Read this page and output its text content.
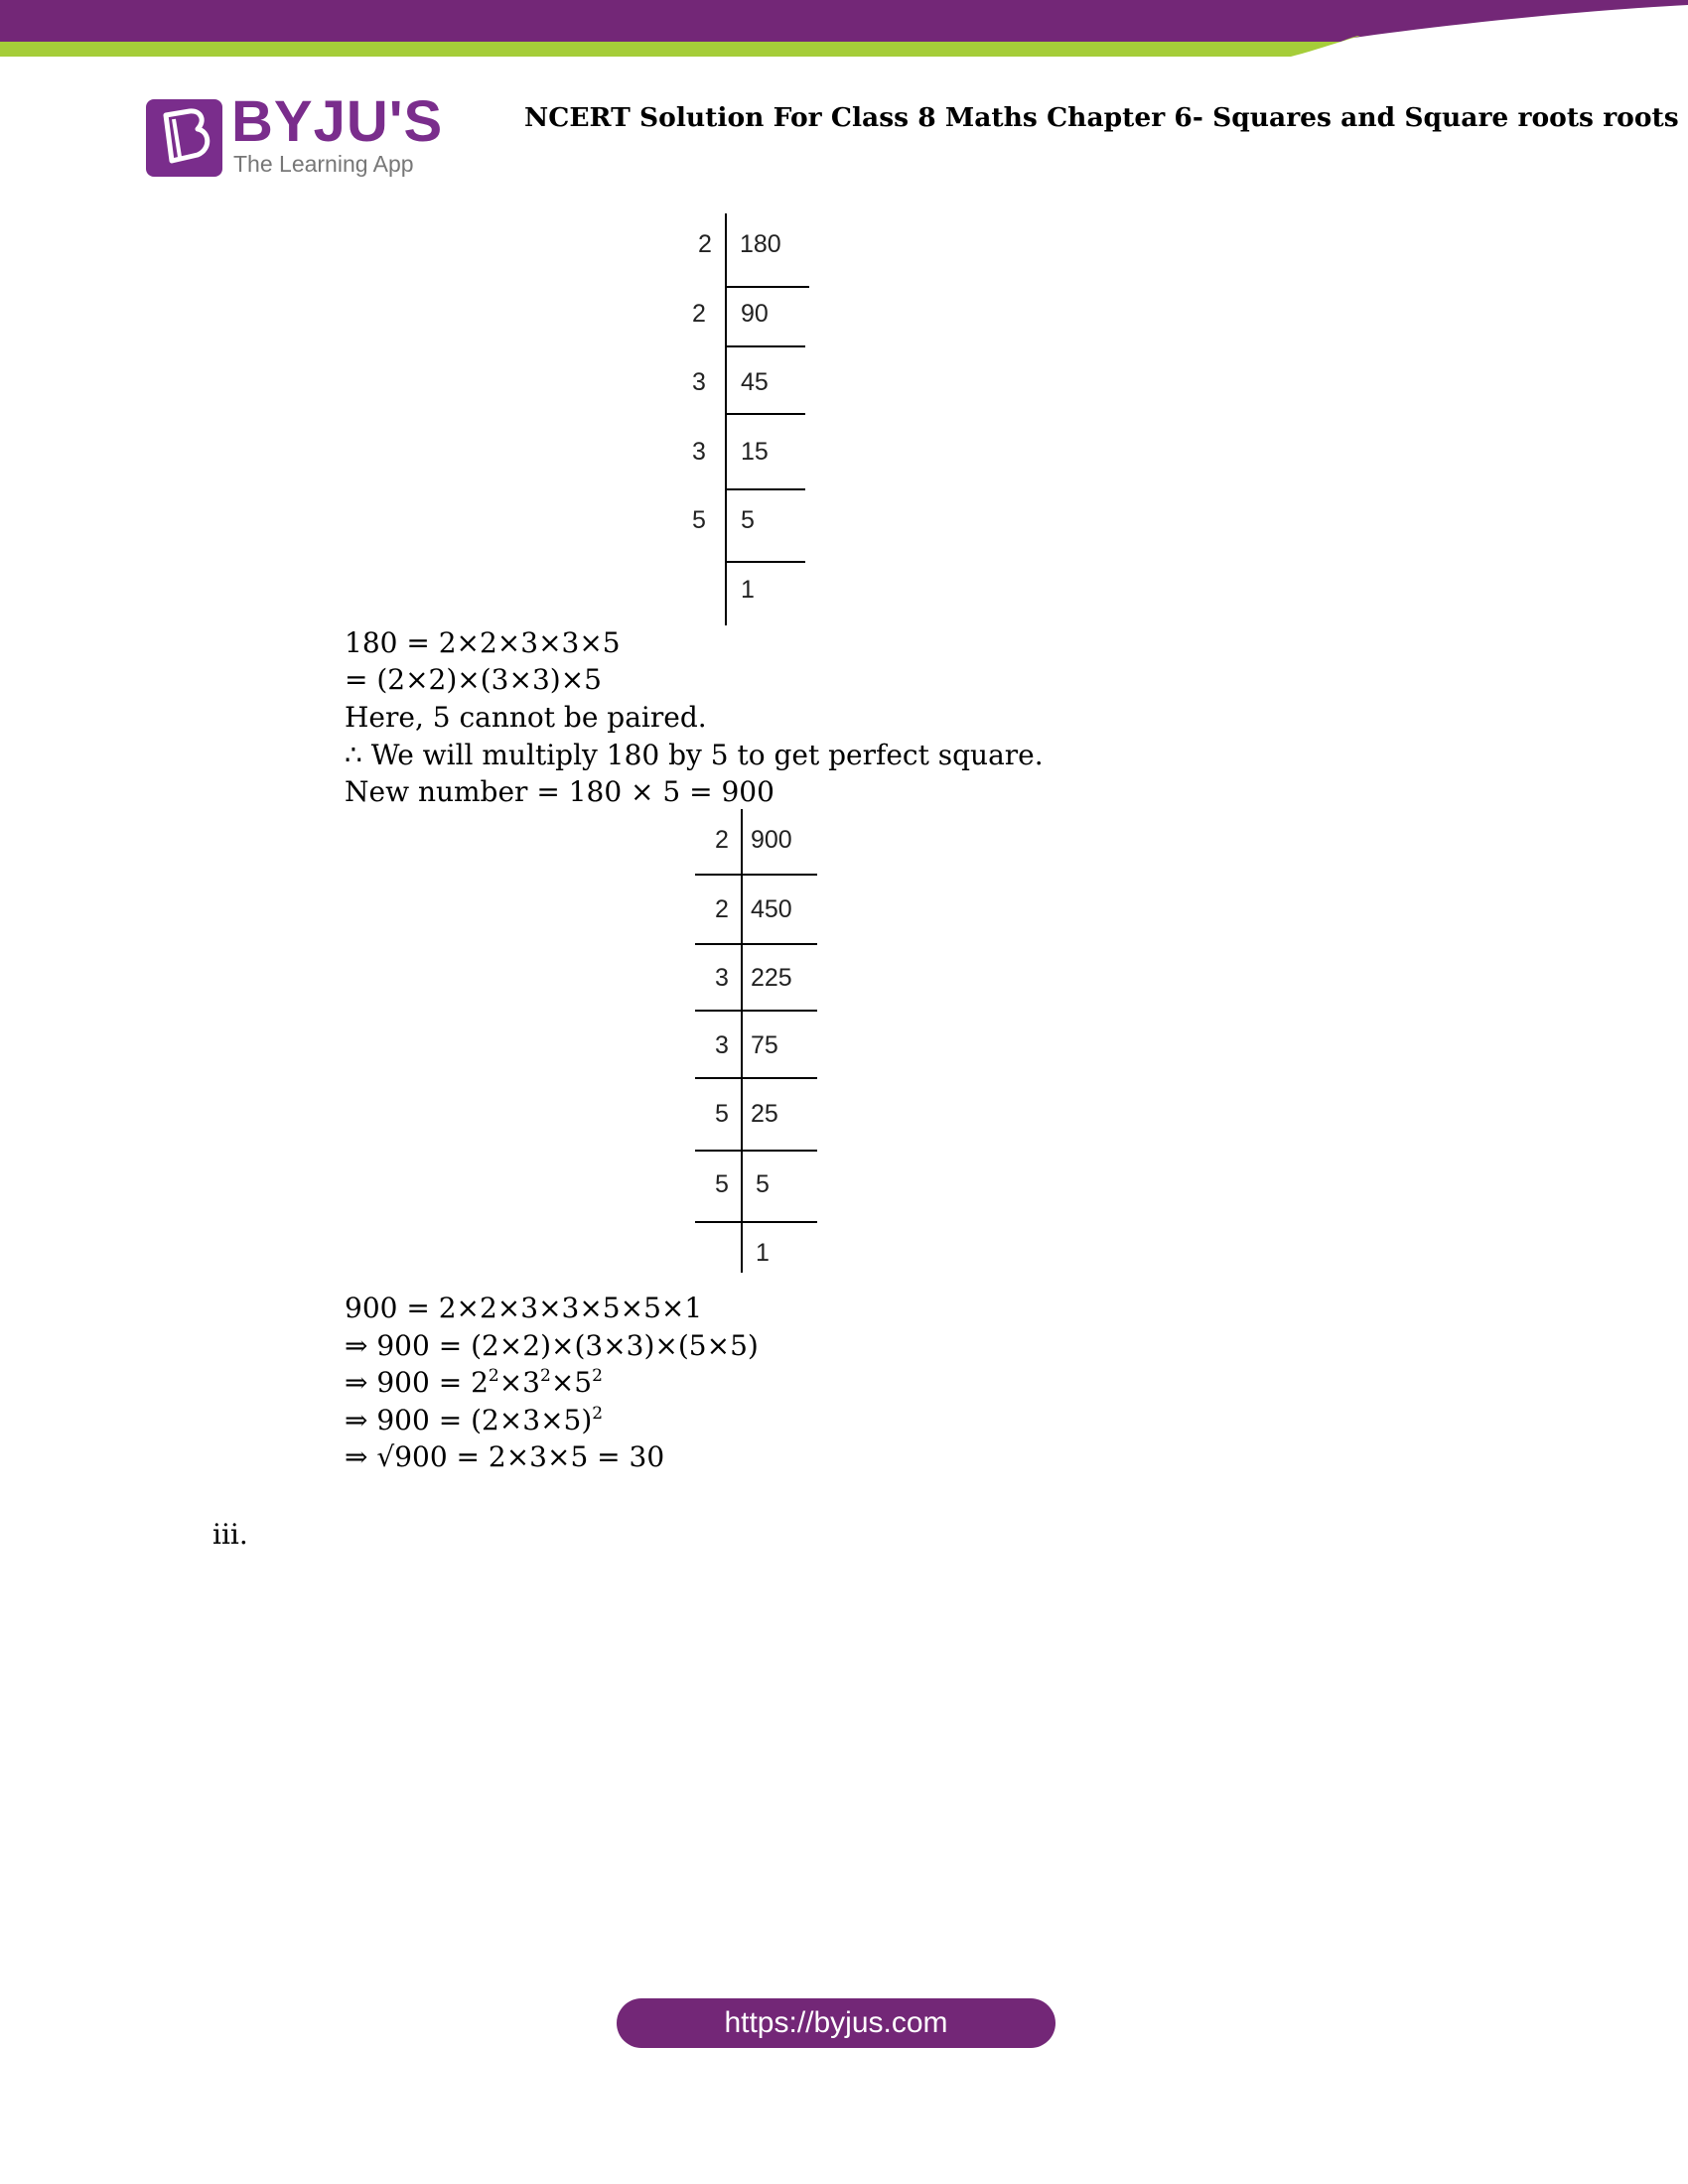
BYJU'S
The Learning App
NCERT Solution For Class 8 Maths Chapter 6- Squares and Square roots roots
2 180
2 90
3 45
3 15
5 5
1
180 = 2×2×3×3×5
= (2×2)×(3×3)×5
Here, 5 cannot be paired.
∴ We will multiply 180 by 5 to get perfect square.
New number = 180 × 5 = 900
2 900
2 450
3 225
3 75
5 25
5 5
1
900 = 2×2×3×3×5×5×1
⇒ 900 = (2×2)×(3×3)×(5×5)
⇒ $900 = 2^2\times 3^2\times 5^2$
⇒ $900 = (2\times 3\times 5)^2$
⇒ √900 = 2×3×5 = 30
iii.
https://byjus.com
